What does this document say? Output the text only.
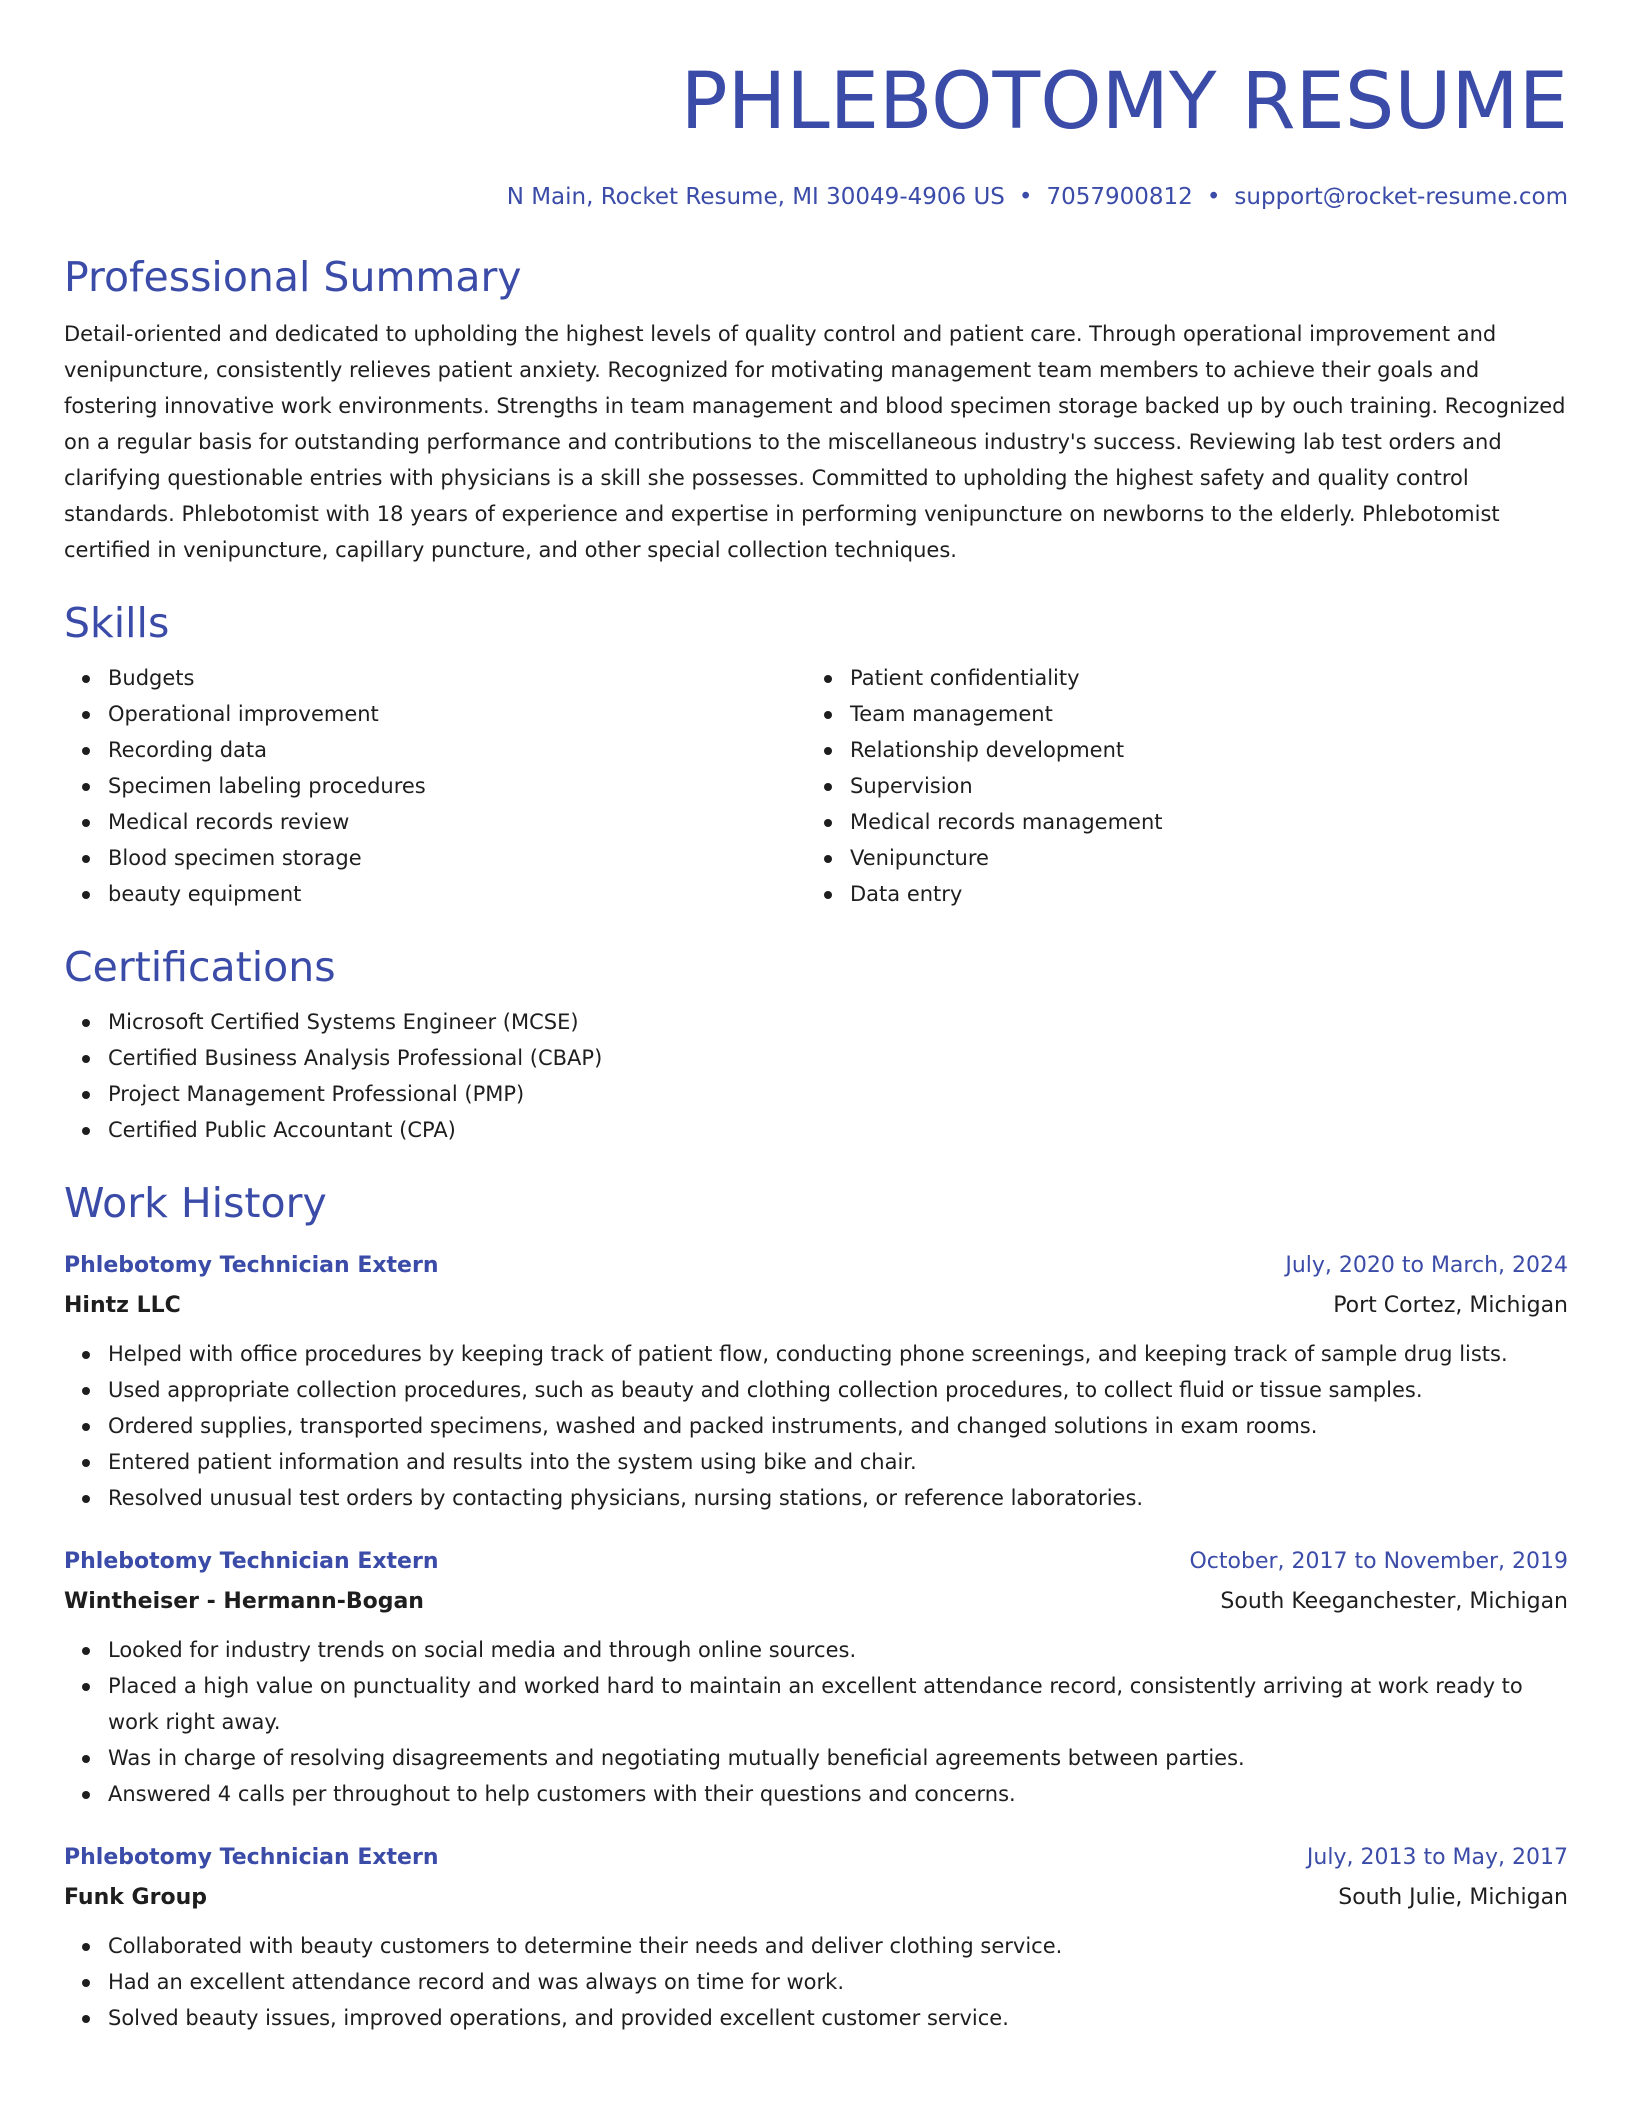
PHLEBOTOMY RESUME
N Main, Rocket Resume, MI 30049-4906 US • 7057900812 • support@rocket-resume.com
Professional Summary
Detail-oriented and dedicated to upholding the highest levels of quality control and patient care. Through operational improvement and venipuncture, consistently relieves patient anxiety. Recognized for motivating management team members to achieve their goals and fostering innovative work environments. Strengths in team management and blood specimen storage backed up by ouch training. Recognized on a regular basis for outstanding performance and contributions to the miscellaneous industry's success. Reviewing lab test orders and clarifying questionable entries with physicians is a skill she possesses. Committed to upholding the highest safety and quality control standards. Phlebotomist with 18 years of experience and expertise in performing venipuncture on newborns to the elderly. Phlebotomist certified in venipuncture, capillary puncture, and other special collection techniques.
Skills
Budgets
Operational improvement
Recording data
Specimen labeling procedures
Medical records review
Blood specimen storage
beauty equipment
Patient confidentiality
Team management
Relationship development
Supervision
Medical records management
Venipuncture
Data entry
Certifications
Microsoft Certified Systems Engineer (MCSE)
Certified Business Analysis Professional (CBAP)
Project Management Professional (PMP)
Certified Public Accountant (CPA)
Work History
Phlebotomy Technician Extern	July, 2020 to March, 2024
Hintz LLC	Port Cortez, Michigan
Helped with office procedures by keeping track of patient flow, conducting phone screenings, and keeping track of sample drug lists.
Used appropriate collection procedures, such as beauty and clothing collection procedures, to collect fluid or tissue samples.
Ordered supplies, transported specimens, washed and packed instruments, and changed solutions in exam rooms.
Entered patient information and results into the system using bike and chair.
Resolved unusual test orders by contacting physicians, nursing stations, or reference laboratories.
Phlebotomy Technician Extern	October, 2017 to November, 2019
Wintheiser - Hermann-Bogan	South Keeganchester, Michigan
Looked for industry trends on social media and through online sources.
Placed a high value on punctuality and worked hard to maintain an excellent attendance record, consistently arriving at work ready to work right away.
Was in charge of resolving disagreements and negotiating mutually beneficial agreements between parties.
Answered 4 calls per throughout to help customers with their questions and concerns.
Phlebotomy Technician Extern	July, 2013 to May, 2017
Funk Group	South Julie, Michigan
Collaborated with beauty customers to determine their needs and deliver clothing service.
Had an excellent attendance record and was always on time for work.
Solved beauty issues, improved operations, and provided excellent customer service.
